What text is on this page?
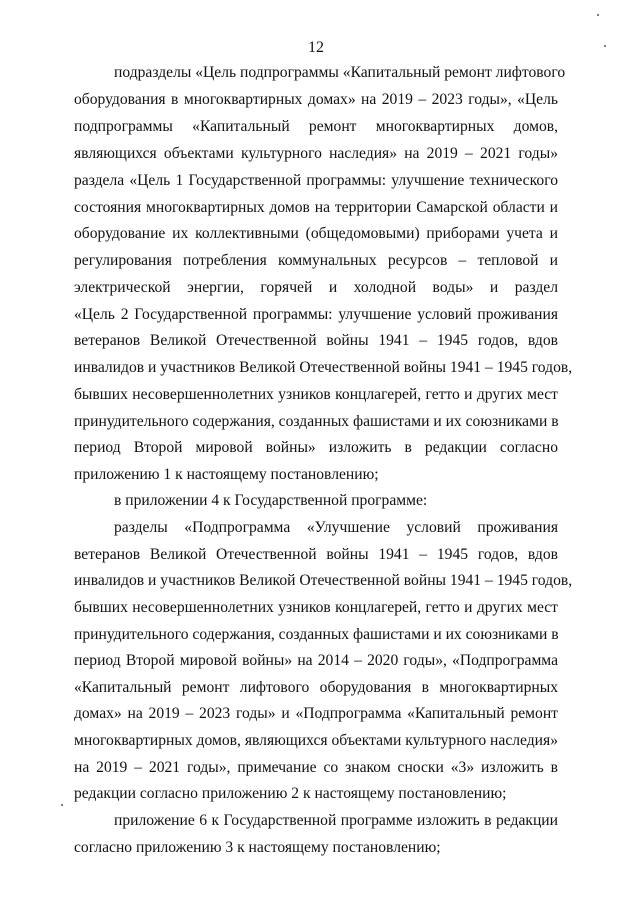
12
подразделы «Цель подпрограммы «Капитальный ремонт лифтового
оборудования в многоквартирных домах» на 2019 – 2023 годы», «Цель
подпрограммы «Капитальный ремонт многоквартирных домов,
являющихся объектами культурного наследия» на 2019 – 2021 годы»
раздела «Цель 1 Государственной программы: улучшение технического
состояния многоквартирных домов на территории Самарской области и
оборудование их коллективными (общедомовыми) приборами учета и
регулирования потребления коммунальных ресурсов – тепловой и
электрической энергии, горячей и холодной воды» и раздел
«Цель 2 Государственной программы: улучшение условий проживания
ветеранов Великой Отечественной войны 1941 – 1945 годов, вдов
инвалидов и участников Великой Отечественной войны 1941 – 1945 годов,
бывших несовершеннолетних узников концлагерей, гетто и других мест
принудительного содержания, созданных фашистами и их союзниками в
период Второй мировой войны» изложить в редакции согласно
приложению 1 к настоящему постановлению;
в приложении 4 к Государственной программе:
разделы «Подпрограмма «Улучшение условий проживания
ветеранов Великой Отечественной войны 1941 – 1945 годов, вдов
инвалидов и участников Великой Отечественной войны 1941 – 1945 годов,
бывших несовершеннолетних узников концлагерей, гетто и других мест
принудительного содержания, созданных фашистами и их союзниками в
период Второй мировой войны» на 2014 – 2020 годы», «Подпрограмма
«Капитальный ремонт лифтового оборудования в многоквартирных
домах» на 2019 – 2023 годы» и «Подпрограмма «Капитальный ремонт
многоквартирных домов, являющихся объектами культурного наследия»
на 2019 – 2021 годы», примечание со знаком сноски «3» изложить в
редакции согласно приложению 2 к настоящему постановлению;
приложение 6 к Государственной программе изложить в редакции
согласно приложению 3 к настоящему постановлению;
